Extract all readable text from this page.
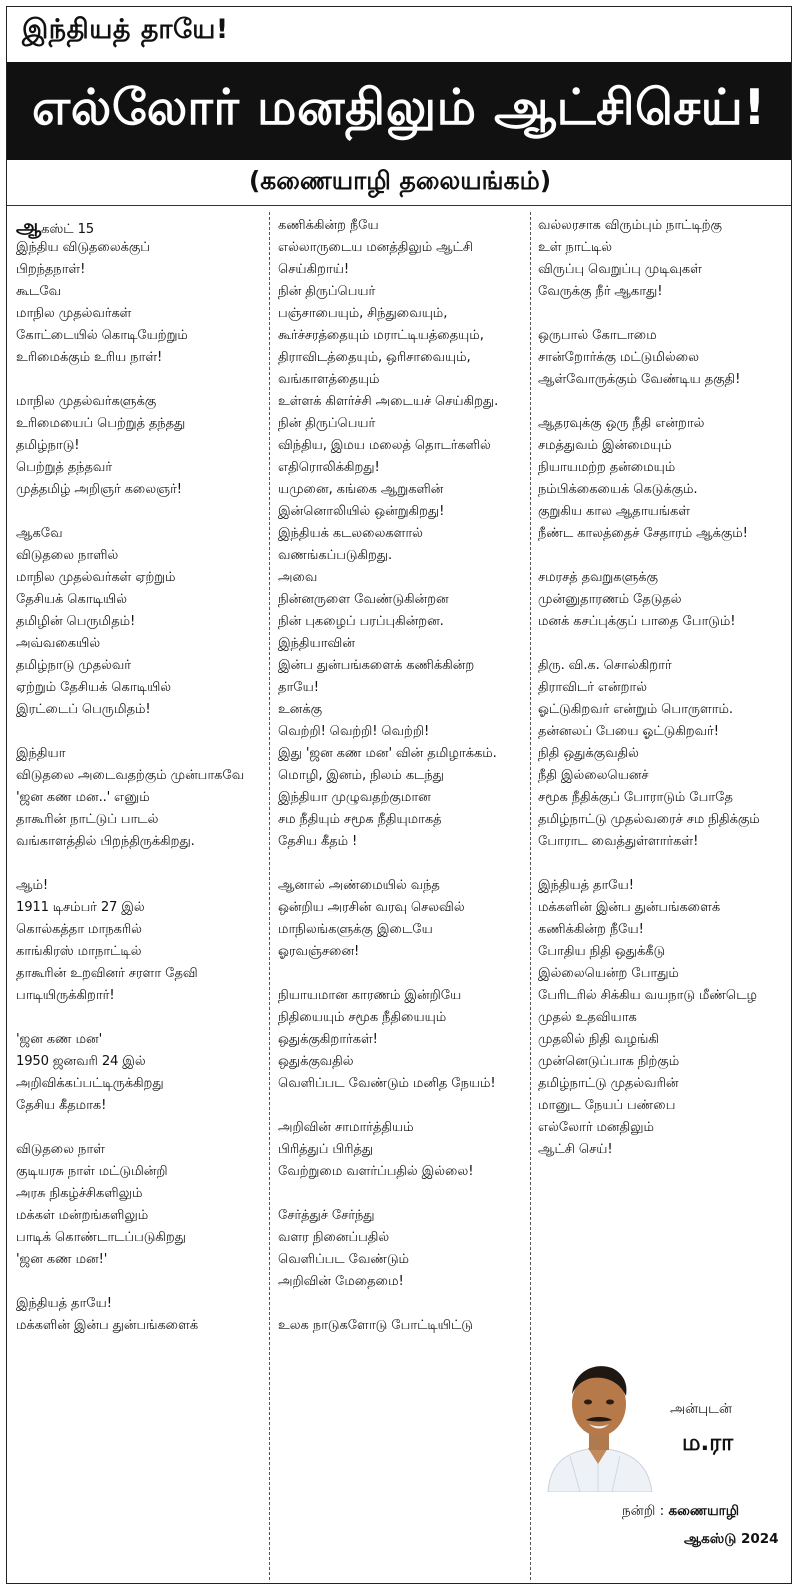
இந்தியத் தாயே!
எல்லோர் மனதிலும் ஆட்சிசெய்!
(கணையாழி தலையங்கம்)
ஆகஸ்ட் 15
இந்திய விடுதலைக்குப்
பிறந்தநாள்!
கூடவே
மாநில முதல்வர்கள்
கோட்டையில் கொடியேற்றும்
உரிமைக்கும் உரிய நாள்!
மாநில முதல்வர்களுக்கு
உரிமையைப் பெற்றுத் தந்தது
தமிழ்நாடு!
பெற்றுத் தந்தவர்
முத்தமிழ் அறிஞர் கலைஞர்!
ஆகவே
விடுதலை நாளில்
மாநில முதல்வர்கள் ஏற்றும்
தேசியக் கொடியில்
தமிழின் பெருமிதம்!
அவ்வகையில்
தமிழ்நாடு முதல்வர்
ஏற்றும் தேசியக் கொடியில்
இரட்டைப் பெருமிதம்!
இந்தியா
விடுதலை அடைவதற்கும் முன்பாகவே
'ஜன கண மன..' எனும்
தாகூரின் நாட்டுப் பாடல்
வங்காளத்தில் பிறந்திருக்கிறது.
ஆம்!
1911 டிசம்பர் 27 இல்
கொல்கத்தா மாநகரில்
காங்கிரஸ் மாநாட்டில்
தாகூரின் உறவினர் சரளா தேவி
பாடியிருக்கிறார்!
'ஜன கண மன'
1950 ஜனவரி 24 இல்
அறிவிக்கப்பட்டிருக்கிறது
தேசிய கீதமாக!
விடுதலை நாள்
குடியரசு நாள் மட்டுமின்றி
அரசு நிகழ்ச்சிகளிலும்
மக்கள் மன்றங்களிலும்
பாடிக் கொண்டாடப்படுகிறது
'ஜன கண மன!'
இந்தியத் தாயே!
மக்களின் இன்ப துன்பங்களைக்
கணிக்கின்ற நீயே
எல்லாருடைய மனத்திலும் ஆட்சி
செய்கிறாய்!
நின் திருப்பெயர்
பஞ்சாபையும், சிந்துவையும்,
கூர்ச்சரத்தையும் மராட்டியத்தையும்,
திராவிடத்தையும், ஒரிசாவையும்,
வங்காளத்தையும்
உள்ளக் கிளர்ச்சி அடையச் செய்கிறது.
நின் திருப்பெயர்
விந்திய, இமய மலைத் தொடர்களில்
எதிரொலிக்கிறது!
யமுனை, கங்கை ஆறுகளின்
இன்னொலியில் ஒன்றுகிறது!
இந்தியக் கடலலைகளால்
வணங்கப்படுகிறது.
அவை
நின்னருளை வேண்டுகின்றன
நின் புகழைப் பரப்புகின்றன.
இந்தியாவின்
இன்ப துன்பங்களைக் கணிக்கின்ற
தாயே!
உனக்கு
வெற்றி! வெற்றி! வெற்றி!
இது 'ஜன கண மன' வின் தமிழாக்கம்.
மொழி, இனம், நிலம் கடந்து
இந்தியா முழுவதற்குமான
சம நீதியும் சமூக நீதியுமாகத்
தேசிய கீதம் !
ஆனால் அண்மையில் வந்த
ஒன்றிய அரசின் வரவு செலவில்
மாநிலங்களுக்கு இடையே
ஓரவஞ்சனை!
நியாயமான காரணம் இன்றியே
நிதியையும் சமூக நீதியையும்
ஒதுக்குகிறார்கள்!
ஒதுக்குவதில்
வெளிப்பட வேண்டும் மனித நேயம்!
அறிவின் சாமார்த்தியம்
பிரித்துப் பிரித்து
வேற்றுமை வளர்ப்பதில் இல்லை!
சேர்த்துச் சேர்ந்து
வளர நினைப்பதில்
வெளிப்பட வேண்டும்
அறிவின் மேதைமை!
உலக நாடுகளோடு போட்டியிட்டு
வல்லரசாக விரும்பும் நாட்டிற்கு
உள் நாட்டில்
விருப்பு வெறுப்பு முடிவுகள்
வேருக்கு நீர் ஆகாது!
ஒருபால் கோடாமை
சான்றோர்க்கு மட்டுமில்லை
ஆள்வோருக்கும் வேண்டிய தகுதி!
ஆதரவுக்கு ஒரு நீதி என்றால்
சமத்துவம் இன்மையும்
நியாயமற்ற தன்மையும்
நம்பிக்கையைக் கெடுக்கும்.
குறுகிய கால ஆதாயங்கள்
நீண்ட காலத்தைச் சேதாரம் ஆக்கும்!
சமரசத் தவறுகளுக்கு
முன்னுதாரணம் தேடுதல்
மனக் கசப்புக்குப் பாதை போடும்!
திரு. வி.க. சொல்கிறார்
திராவிடர் என்றால்
ஓட்டுகிறவர் என்றும் பொருளாம்.
தன்னலப் பேயை ஓட்டுகிறவர்!
நிதி ஒதுக்குவதில்
நீதி இல்லையெனச்
சமூக நீதிக்குப் போராடும் போதே
தமிழ்நாட்டு முதல்வரைச் சம நிதிக்கும்
போராட வைத்துள்ளார்கள்!
இந்தியத் தாயே!
மக்களின் இன்ப துன்பங்களைக்
கணிக்கின்ற நீயே!
போதிய நிதி ஒதுக்கீடு
இல்லையென்ற போதும்
பேரிடரில் சிக்கிய வயநாடு மீண்டெழ
முதல் உதவியாக
முதலில் நிதி வழங்கி
முன்னெடுப்பாக நிற்கும்
தமிழ்நாட்டு முதல்வரின்
மானுட நேயப் பண்பை
எல்லோர் மனதிலும்
ஆட்சி செய்!
அன்புடன்
ம.ரா
நன்றி : கணையாழி
ஆகஸ்டு 2024
